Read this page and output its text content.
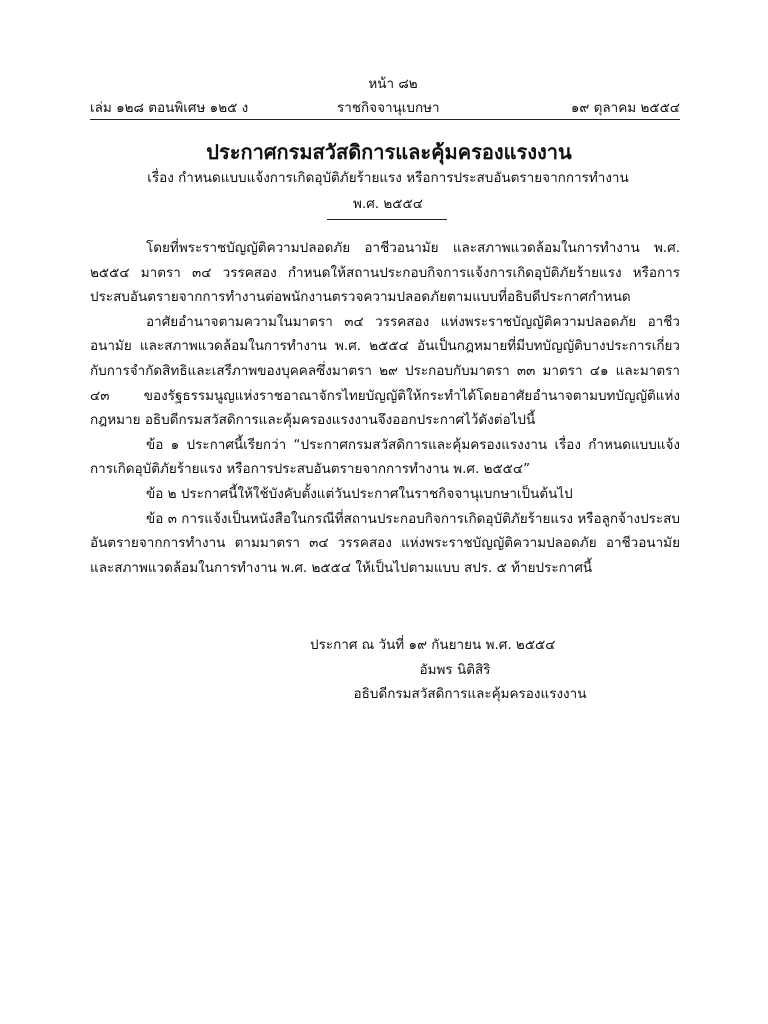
หน้า ๘๒
เล่ม ๑๒๘ ตอนพิเศษ ๑๒๕ ง	ราชกิจจานุเบกษา	๑๙ ตุลาคม ๒๕๕๔
ประกาศกรมสวัสดิการและคุ้มครองแรงงาน
เรื่อง กำหนดแบบแจ้งการเกิดอุบัติภัยร้ายแรง หรือการประสบอันตรายจากการทำงาน
พ.ศ. ๒๕๕๔

โดยที่พระราชบัญญัติความปลอดภัย อาชีวอนามัย และสภาพแวดล้อมในการทำงาน พ.ศ. ๒๕๕๔ มาตรา ๓๔ วรรคสอง กำหนดให้สถานประกอบกิจการแจ้งการเกิดอุบัติภัยร้ายแรง หรือการประสบอันตรายจากการทำงานต่อพนักงานตรวจความปลอดภัยตามแบบที่อธิบดีประกาศกำหนด

อาศัยอำนาจตามความในมาตรา ๓๔ วรรคสอง แห่งพระราชบัญญัติความปลอดภัย อาชีวอนามัย และสภาพแวดล้อมในการทำงาน พ.ศ. ๒๕๕๔ อันเป็นกฎหมายที่มีบทบัญญัติบางประการเกี่ยวกับการจำกัดสิทธิและเสรีภาพของบุคคลซึ่งมาตรา ๒๙ ประกอบกับมาตรา ๓๓ มาตรา ๔๑ และมาตรา ๔๓ ของรัฐธรรมนูญแห่งราชอาณาจักรไทยบัญญัติให้กระทำได้โดยอาศัยอำนาจตามบทบัญญัติแห่งกฎหมาย อธิบดีกรมสวัสดิการและคุ้มครองแรงงานจึงออกประกาศไว้ดังต่อไปนี้

ข้อ ๑ ประกาศนี้เรียกว่า “ประกาศกรมสวัสดิการและคุ้มครองแรงงาน เรื่อง กำหนดแบบแจ้งการเกิดอุบัติภัยร้ายแรง หรือการประสบอันตรายจากการทำงาน พ.ศ. ๒๕๕๔”

ข้อ ๒ ประกาศนี้ให้ใช้บังคับตั้งแต่วันประกาศในราชกิจจานุเบกษาเป็นต้นไป

ข้อ ๓ การแจ้งเป็นหนังสือในกรณีที่สถานประกอบกิจการเกิดอุบัติภัยร้ายแรง หรือลูกจ้างประสบอันตรายจากการทำงาน ตามมาตรา ๓๔ วรรคสอง แห่งพระราชบัญญัติความปลอดภัย อาชีวอนามัย และสภาพแวดล้อมในการทำงาน พ.ศ. ๒๕๕๔ ให้เป็นไปตามแบบ สปร. ๕ ท้ายประกาศนี้

ประกาศ ณ วันที่ ๑๙ กันยายน พ.ศ. ๒๕๕๔
อัมพร นิติสิริ
อธิบดีกรมสวัสดิการและคุ้มครองแรงงาน
